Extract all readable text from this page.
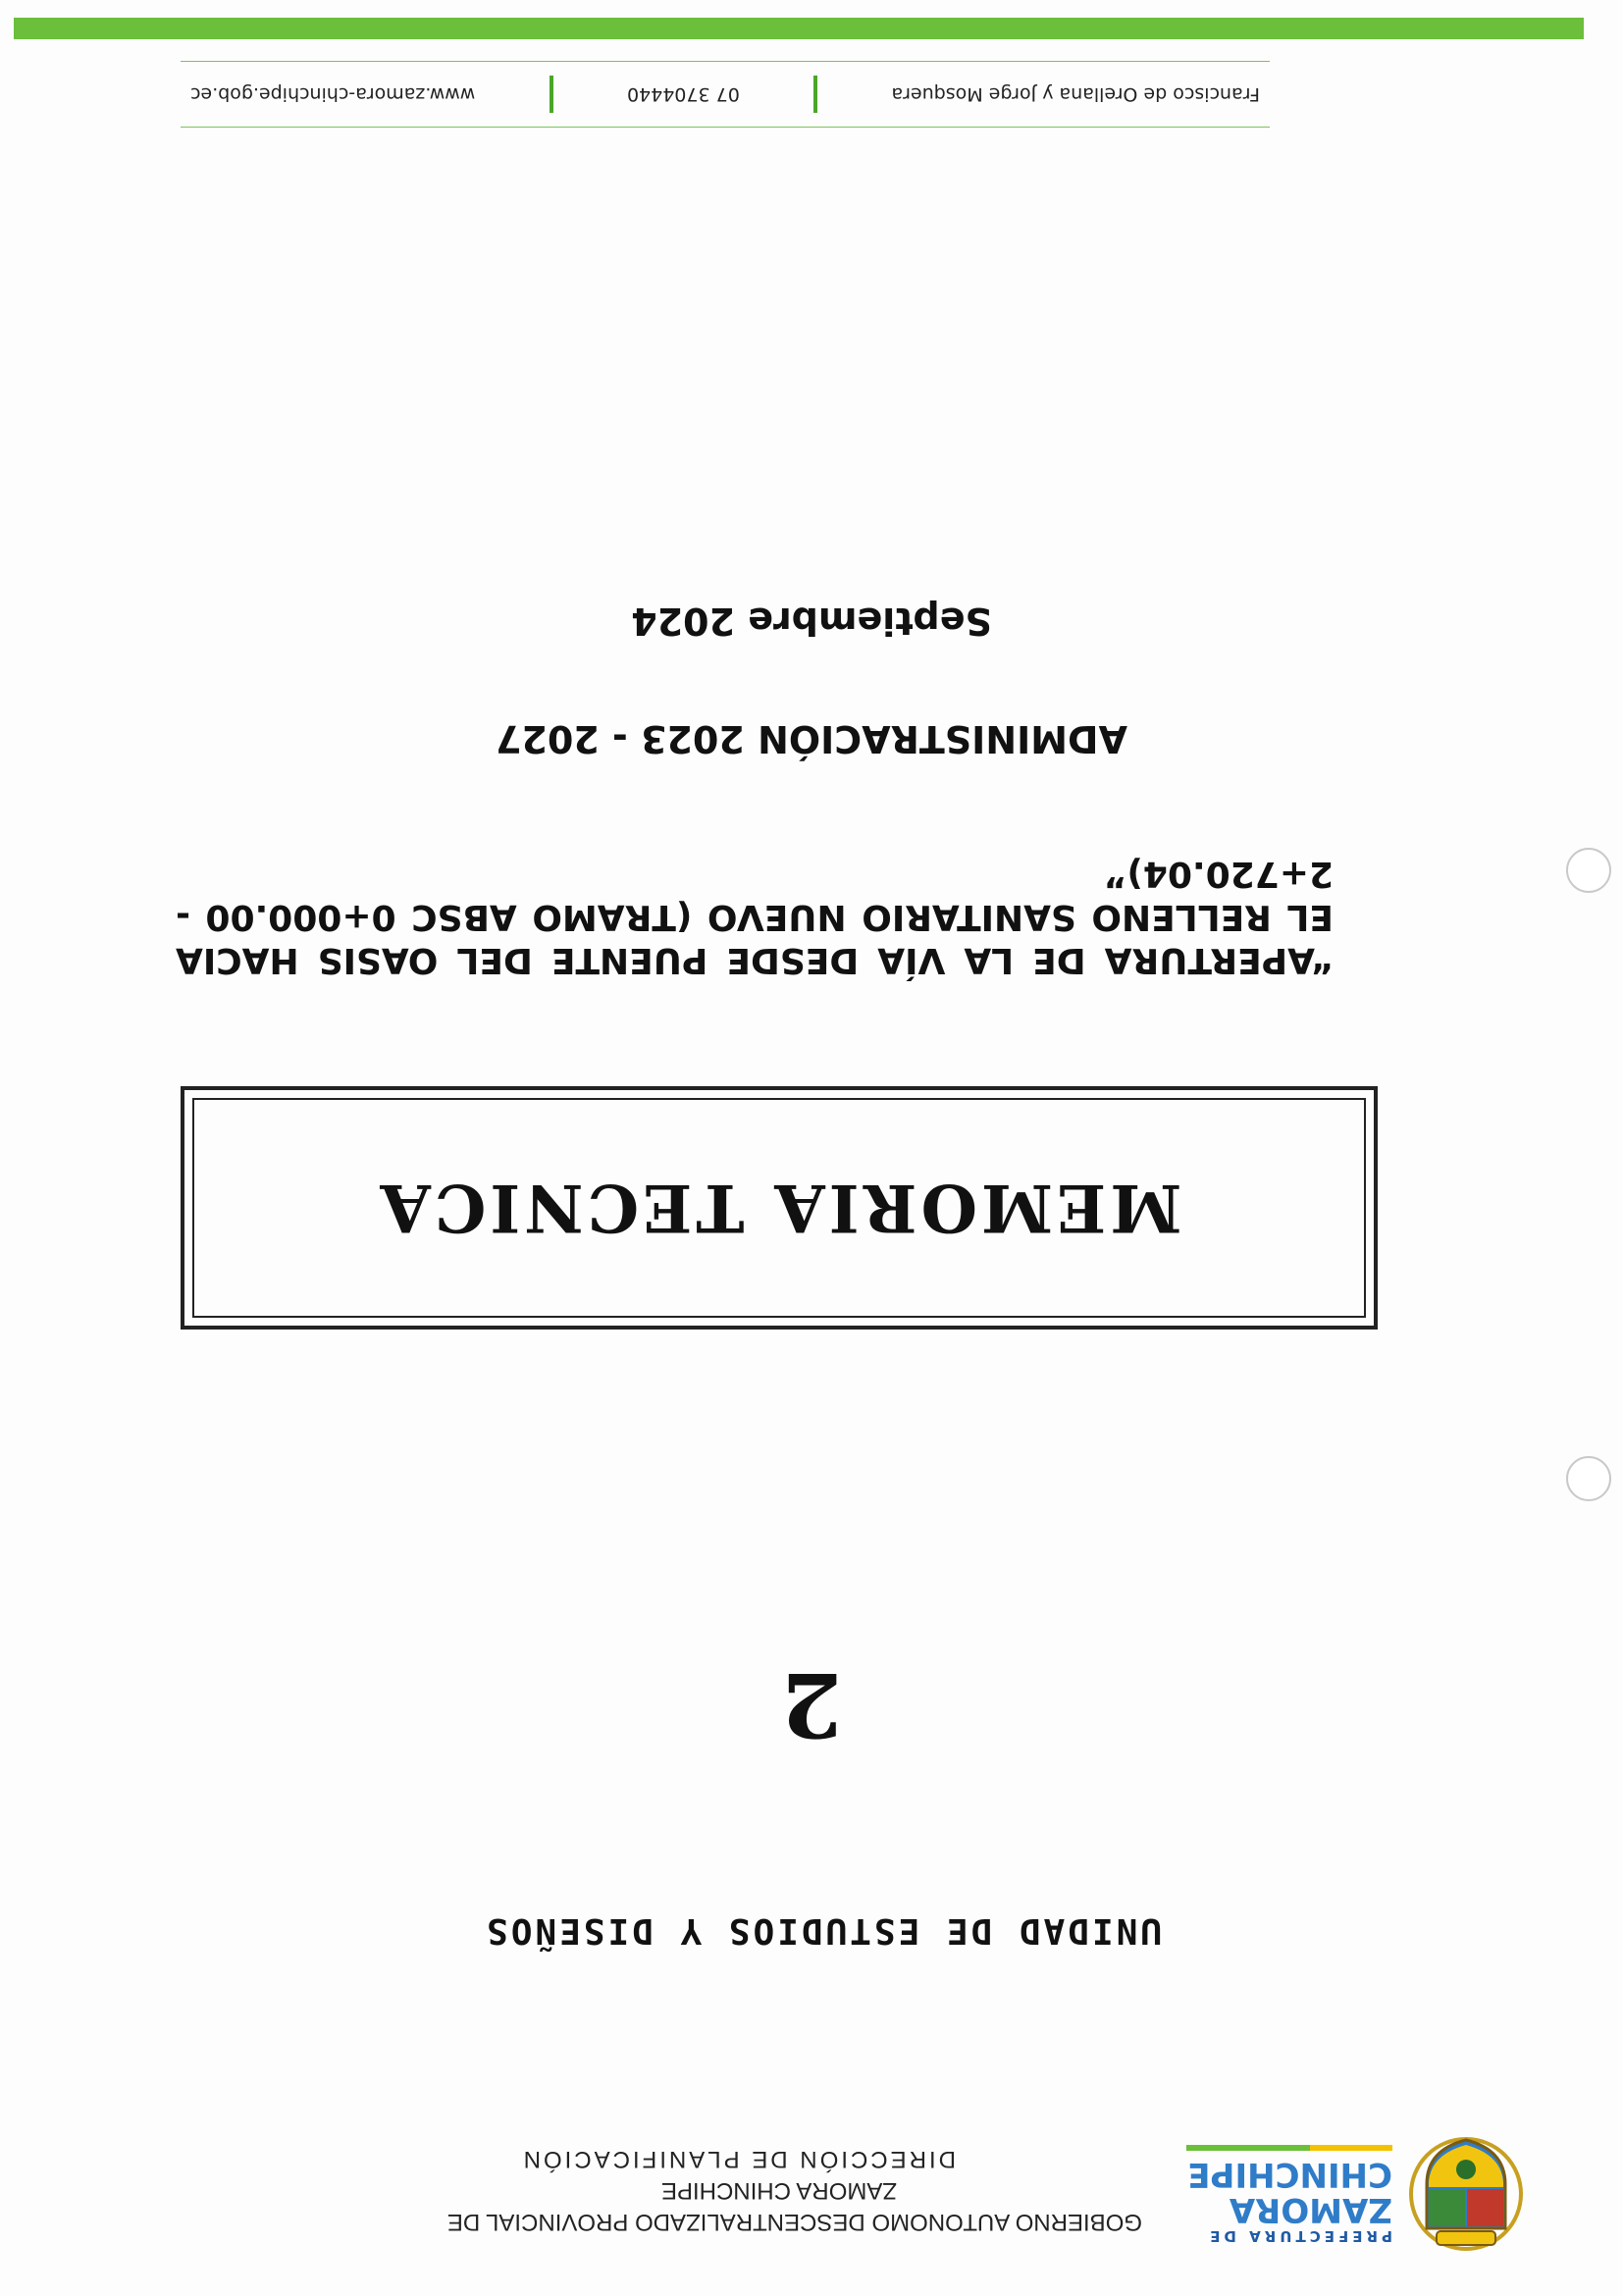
PREFECTURA DE
ZAMORA
CHINCHIPE
GOBIERNO AUTONOMO DESCENTRALIZADO PROVINCIAL DE
ZAMORA CHINCHIPE
DIRECCIÓN DE PLANIFICACIÓN
UNIDAD DE ESTUDIOS Y DISEÑOS
2
MEMORIA TECNICA
“APERTURA DE LA VÍA DESDE PUENTE DEL OASIS HACIA EL RELLENO SANITARIO NUEVO (TRAMO ABSC 0+000.00 - 2+720.04)”
ADMINISTRACIÓN 2023 - 2027
Septiembre 2024
Francisco de Orellana y Jorge Mosquera
07 3704440
www.zamora-chinchipe.gob.ec
